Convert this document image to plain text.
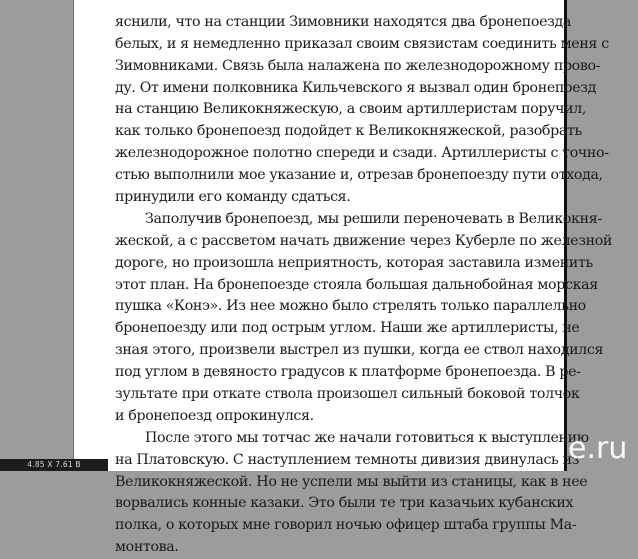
яснили, что на станции Зимовники находятся два бронепоезда
белых, и я немедленно приказал своим связистам соединить меня с
Зимовниками. Связь была налажена по железнодорожному прово-
ду. От имени полковника Кильчевского я вызвал один бронепоезд
на станцию Великокняжескую, а своим артиллеристам поручил,
как только бронепоезд подойдет к Великокняжеской, разобрать
железнодорожное полотно спереди и сзади. Артиллеристы с точно-
стью выполнили мое указание и, отрезав бронепоезду пути отхода,
принудили его команду сдаться.
Заполучив бронепоезд, мы решили переночевать в Великокня-
жеской, а с рассветом начать движение через Куберле по железной
дороге, но произошла неприятность, которая заставила изменить
этот план. На бронепоезде стояла большая дальнобойная морская
пушка «Конэ». Из нее можно было стрелять только параллельно
бронепоезду или под острым углом. Наши же артиллеристы, не
зная этого, произвели выстрел из пушки, когда ее ствол находился
под углом в девяносто градусов к платформе бронепоезда. В ре-
зультате при откате ствола произошел сильный боковой толчок
и бронепоезд опрокинулся.
После этого мы тотчас же начали готовиться к выступлению
на Платовскую. С наступлением темноты дивизия двинулась из
Великокняжеской. Но не успели мы выйти из станицы, как в нее
ворвались конные казаки. Это были те три казачьих кубанских
полка, о которых мне говорил ночью офицер штаба группы Ма-
монтова.
e.ru
4.85 X 7.61 В
